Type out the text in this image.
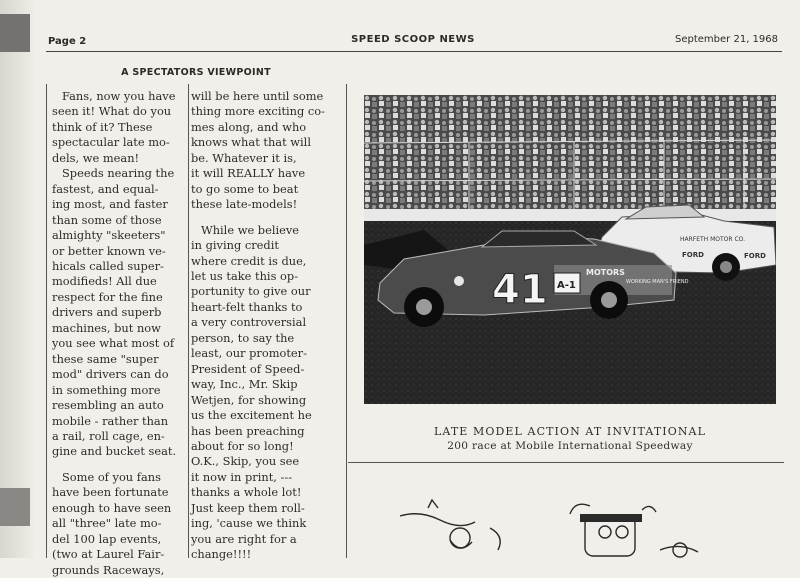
Page 2	SPEED SCOOP NEWS	September 21, 1968
A SPECTATORS VIEWPOINT
Fans, now you have
seen it! What do you
think of it? These
spectacular late mo-
dels, we mean!
Speeds nearing the
fastest, and equal-
ing most, and faster
than some of those
almighty "skeeters"
or better known ve-
hicals called super-
modifieds! All due
respect for the fine
drivers and superb
machines, but now
you see what most of
these same "super
mod" drivers can do
in something more
resembling an auto
mobile - rather than
a rail, roll cage, en-
gine and bucket seat.
Some of you fans
have been fortunate
enough to have seen
all "three" late mo-
del 100 lap events,
(two at Laurel Fair-
grounds Raceways,
will be here until some
thing more exciting co-
mes along, and who
knows what that will
be. Whatever it is,
it will REALLY have
to go some to beat
these late-models!
While we believe
in giving credit
where credit is due,
let us take this op-
portunity to give our
heart-felt thanks to
a very controversial
person, to say the
least, our promoter-
President of Speed-
way, Inc., Mr. Skip
Wetjen, for showing
us the excitement he
has been preaching
about for so long!
O.K., Skip, you see
it now in print, ---
thanks a whole lot!
Just keep them roll-
ing, 'cause we think
you are right for a
change!!!!
HARFETH MOTOR CO.
FORD	FORD
41 A-1
MOTORS
WORKING MAN'S FRIEND
LATE MODEL ACTION AT INVITATIONAL
200 race at Mobile International Speedway
